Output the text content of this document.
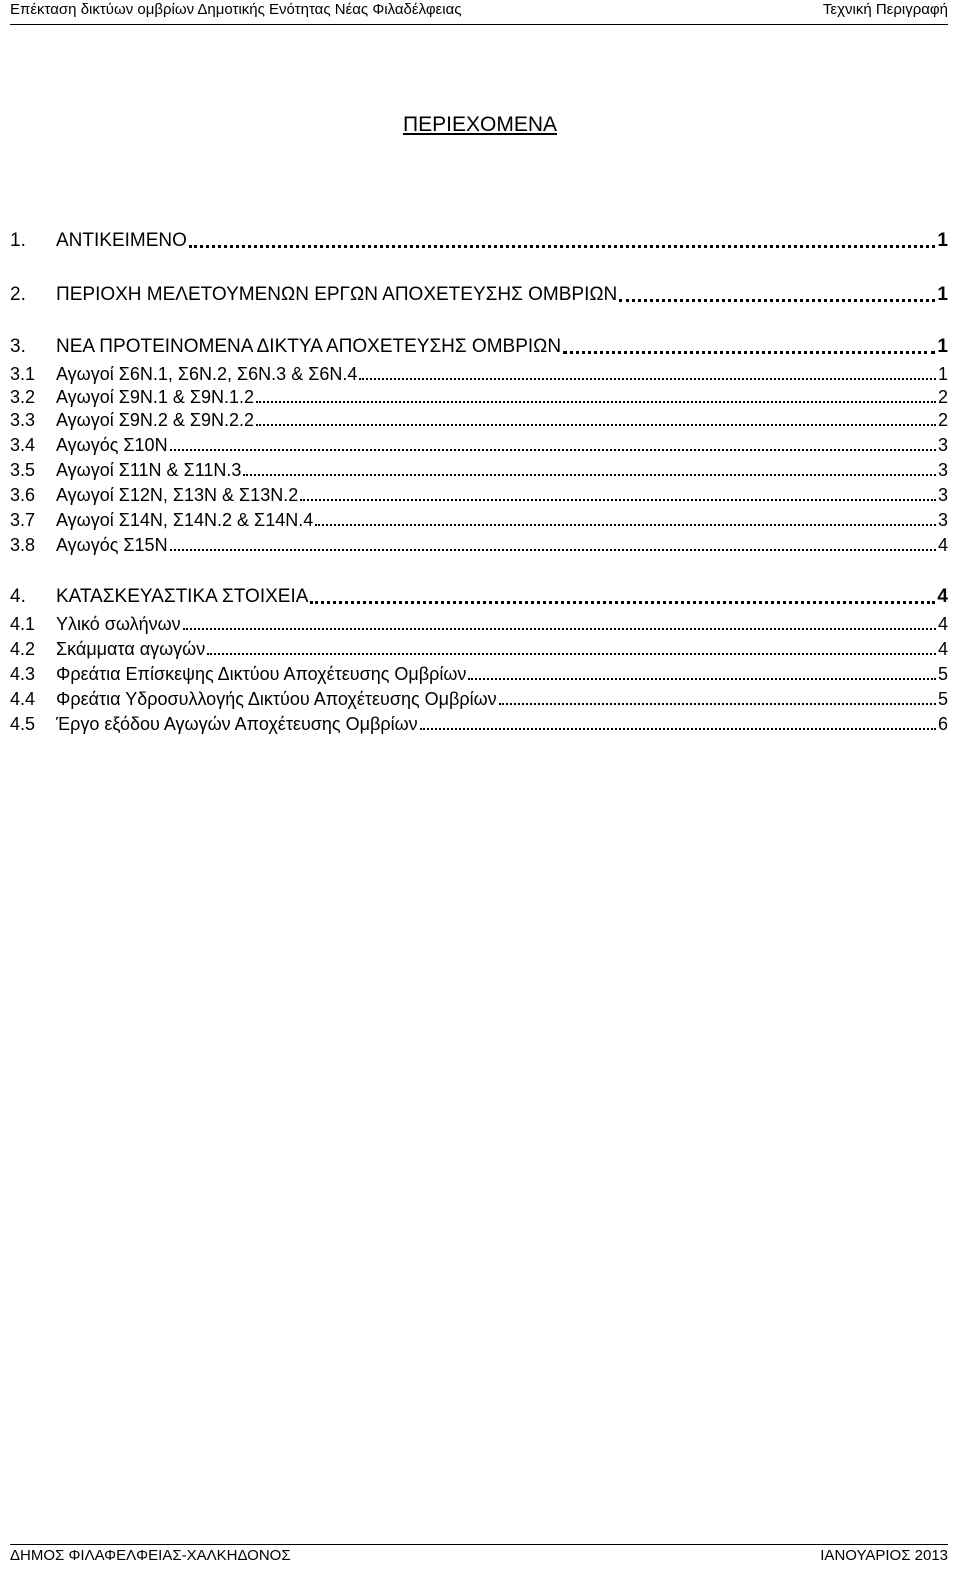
Επέκταση δικτύων ομβρίων Δημοτικής Ενότητας Νέας Φιλαδέλφειας	Τεχνική Περιγραφή
ΠΕΡΙΕΧΟΜΕΝΑ
1.	ΑΝΤΙΚΕΙΜΕΝΟ	1
2.	ΠΕΡΙΟΧΗ ΜΕΛΕΤΟΥΜΕΝΩΝ ΕΡΓΩΝ ΑΠΟΧΕΤΕΥΣΗΣ ΟΜΒΡΙΩΝ	1
3.	ΝΕΑ ΠΡΟΤΕΙΝΟΜΕΝΑ ΔΙΚΤΥΑ ΑΠΟΧΕΤΕΥΣΗΣ ΟΜΒΡΙΩΝ	1
3.1	Αγωγοί Σ6Ν.1, Σ6Ν.2, Σ6Ν.3 & Σ6Ν.4	1
3.2	Αγωγοί Σ9Ν.1 & Σ9Ν.1.2	2
3.3	Αγωγοί Σ9Ν.2 & Σ9Ν.2.2	2
3.4	Αγωγός Σ10Ν	3
3.5	Αγωγοί Σ11Ν & Σ11Ν.3	3
3.6	Αγωγοί Σ12Ν, Σ13Ν & Σ13Ν.2	3
3.7	Αγωγοί Σ14Ν, Σ14Ν.2 & Σ14Ν.4	3
3.8	Αγωγός Σ15Ν	4
4.	ΚΑΤΑΣΚΕΥΑΣΤΙΚΑ ΣΤΟΙΧΕΙΑ	4
4.1	Υλικό σωλήνων	4
4.2	Σκάμματα αγωγών	4
4.3	Φρεάτια Επίσκεψης Δικτύου Αποχέτευσης Ομβρίων	5
4.4	Φρεάτια Υδροσυλλογής Δικτύου Αποχέτευσης Ομβρίων	5
4.5	Έργο εξόδου Αγωγών Αποχέτευσης Ομβρίων	6
ΔΗΜΟΣ ΦΙΛΑΦΕΛΦΕΙΑΣ-ΧΑΛΚΗΔΟΝΟΣ	ΙΑΝΟΥΑΡΙΟΣ 2013
